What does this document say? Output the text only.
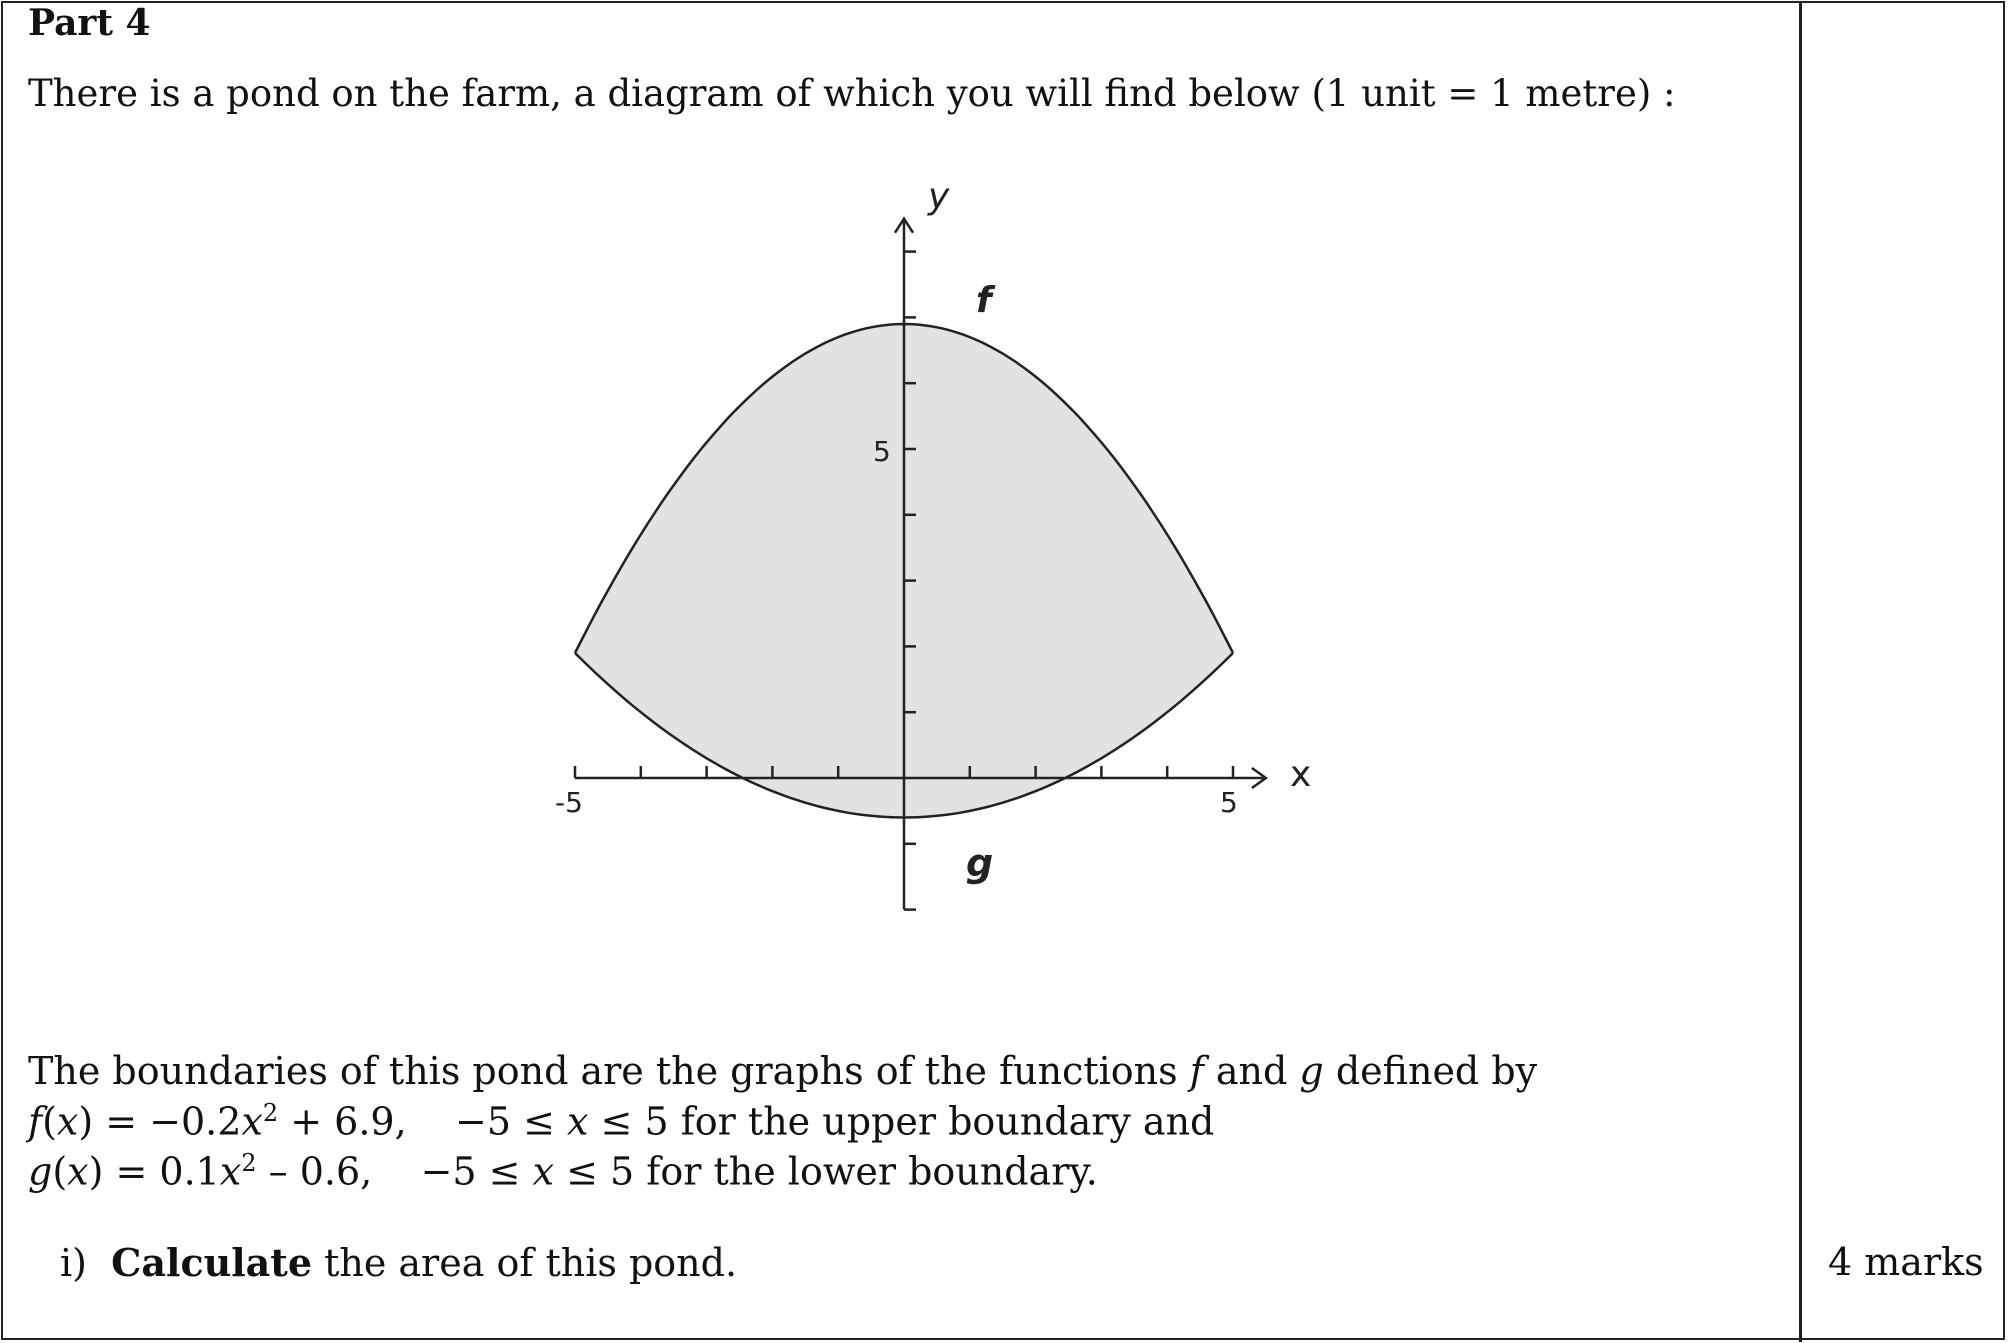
Part 4
There is a pond on the farm, a diagram of which you will find below (1 unit = 1 metre) :
x
y
f
g
-5	5
5
The boundaries of this pond are the graphs of the functions f and g defined by
$f(x) = -0.2x^2 + 6.9$, −5 ≤ x ≤ 5 for the upper boundary and
$g(x) = 0.1x^2 - 0.6$, −5 ≤ x ≤ 5 for the lower boundary.
i) Calculate the area of this pond.	4 marks
